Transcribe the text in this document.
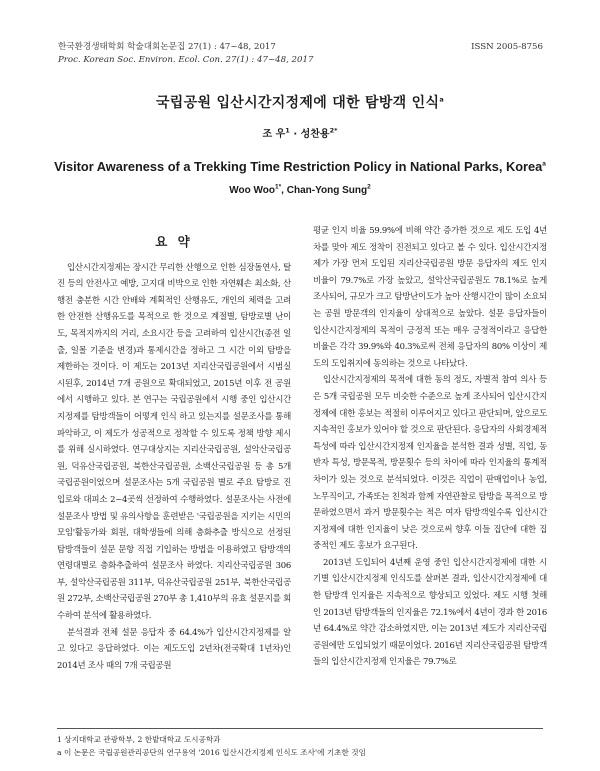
한국환경생태학회 학술대회논문집 27(1) : 47~48, 2017
Proc. Korean Soc. Environ. Ecol. Con. 27(1) : 47~48, 2017
ISSN 2005-8756
국립공원 입산시간지정제에 대한 탐방객 인식$^a$
조 우$^1$ · 성찬용$^{2*}$
Visitor Awareness of a Trekking Time Restriction Policy in National Parks, Korea$^a$
Woo Woo$^{1*}$, Chan-Yong Sung$^2$
요 약

입산시간지정제는 장시간 무리한 산행으로 인한 심장돌연사, 탈진 등의 안전사고 예방, 고지대 비박으로 인한 자연훼손 최소화, 산행전 충분한 시간 안배와 계획적인 산행유도, 개인의 체력을 고려한 안전한 산행유도를 목적으로 한 것으로 계절별, 탐방로별 난이도, 목적지까지의 거리, 소요시간 등을 고려하여 입산시간(종전 일출, 일몰 기준을 변경)과 통제시간을 정하고 그 시간 이외 탐방을 제한하는 것이다. 이 제도는 2013년 지리산국립공원에서 시범실시된후, 2014년 7개 공원으로 확대되었고, 2015년 이후 전 공원에서 시행하고 있다. 본 연구는 국립공원에서 시행 중인 입산시간지정제를 탐방객들이 어떻게 인식 하고 있는지를 설문조사를 통해 파악하고, 이 제도가 성공적으로 정착할 수 있도록 정책 방향 제시를 위해 실시하였다. 연구대상지는 지리산국립공원, 설악산국립공원, 덕유산국립공원, 북한산국립공원, 소백산국립공원 등 총 5개 국립공원이었으며 설문조사는 5개 국립공원 별로 주요 탐방로 진입로와 대피소 2~4곳씩 선정하여 수행하였다. 설문조사는 사전에 설문조사 방법 및 유의사항을 훈련받은 '국립공원을 지키는 시민의 모임'활동가와 회원, 대학생들에 의해 층화추출 방식으로 선정된 탐방객들이 설문 문항 직접 기입하는 방법을 이용하였고 탐방객의 연령대별로 층화추출하여 설문조사 하였다. 지리산국립공원 306부, 설악산국립공원 311부, 덕유산국립공원 251부, 북한산국립공원 272부, 소백산국립공원 270부 총 1,410부의 유효 설문지를 회수하여 분석에 활용하였다.

분석결과 전체 설문 응답자 중 64.4%가 입산시간지정제를 알고 있다고 응답하였다. 이는 제도도입 2년차(전국확대 1년차)인 2014년 조사 때의 7개 국립공원

평균 인지 비율 59.9%에 비해 약간 증가한 것으로 제도 도입 4년차를 맞아 제도 정착이 진전되고 있다고 볼 수 있다. 입산시간지정제가 가장 먼저 도입된 지리산국립공원 방문 응답자의 제도 인지 비율이 79.7%로 가장 높았고, 설악산국립공원도 78.1%로 높게 조사되어, 규모가 크고 탐방난이도가 높아 산행시간이 많이 소요되는 공원 방문객의 인지율이 상대적으로 높았다. 설문 응답자들이 입산시간지정제의 목적이 긍정적 또는 매우 긍정적이라고 응답한 비율은 각각 39.9%와 40.3%로써 전체 응답자의 80% 이상이 제도의 도입취지에 동의하는 것으로 나타났다.

입산시간지정제의 목적에 대한 동의 정도, 자별적 참여 의사 등은 5개 국립공원 모두 비슷한 수준으로 높게 조사되어 입산시간지정제에 대한 홍보는 적절히 이루어지고 있다고 판단되며, 앞으로도 지속적인 홍보가 있어야 할 것으로 판단된다. 응답자의 사회경제적 특성에 따라 입산시간지정제 인지율을 분석한 결과 성별, 직업, 동반자 특성, 방문목적, 방문횟수 등의 차이에 따라 인지율의 통계적 차이가 있는 것으로 분석되었다. 이것은 직업이 판매업이나 농업, 노무직이고, 가족또는 친척과 함께 자연관찰로 탐방을 목적으로 방문하였으면서 과거 방문횟수는 적은 여자 탐방객일수록 입산시간지정제에 대한 인지율이 낮은 것으로써 향후 이들 집단에 대한 집중적인 제도 홍보가 요구된다.

2013년 도입되어 4년째 운영 중인 입산시간지정제에 대한 시기별 입산시간지정제 인식도를 살펴본 결과, 입산시간지정제에 대한 탐방객 인지율은 지속적으로 향상되고 있었다. 제도 시행 첫해인 2013년 탐방객들의 인지율은 72.1%에서 4년이 경과 한 2016년 64.4%로 약간 감소하였지만, 이는 2013년 제도가 지리산국립공원에만 도입되었기 때문이었다. 2016년 지리산국립공원 탐방객들의 입산시간지정제 인지율은 79.7%로

1 상지대학교 관광학부, 2 한밭대학교 도시공학과
a 이 논문은 국립공원관리공단의 연구용역 '2016 입산시간지정제 인식도 조사'에 기초한 것임
